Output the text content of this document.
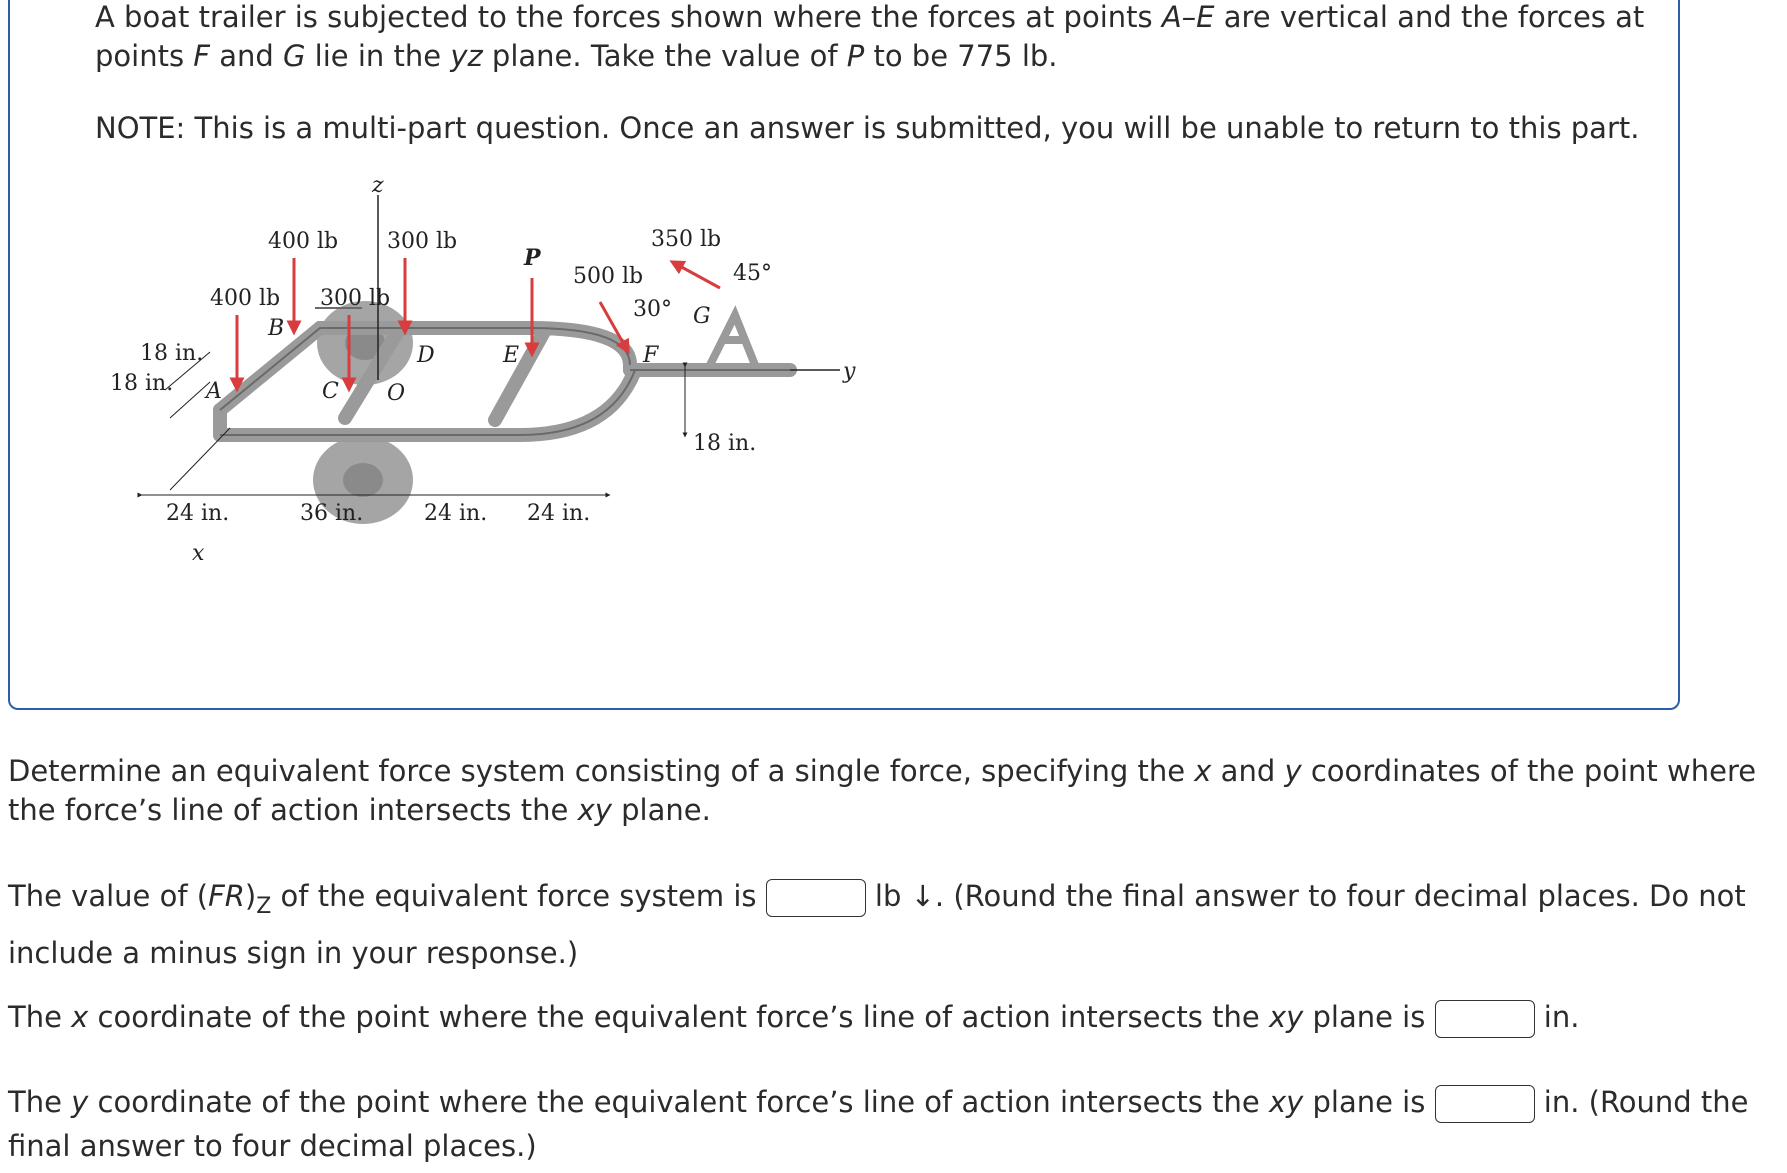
A boat trailer is subjected to the forces shown where the forces at points A–E are vertical and the forces at points F and G lie in the yz plane. Take the value of P to be 775 lb.

NOTE: This is a multi-part question. Once an answer is submitted, you will be unable to return to this part.

400 lb 300 lb
400 lb 300 lb
P
500 lb
350 lb
30°
45°
A
B
C
D	E	F
G
O
z
y
x
18 in.
18 in.
24 in.	36 in.	24 in. 24 in.
18 in.

Determine an equivalent force system consisting of a single force, specifying the x and y coordinates of the point where the force’s line of action intersects the xy plane.

The value of $(FR)_Z$ of the equivalent force system is	lb ↓. (Round the final answer to four decimal places. Do not include a minus sign in your response.)

The x coordinate of the point where the equivalent force’s line of action intersects the xy plane is	in.

The y coordinate of the point where the equivalent force’s line of action intersects the xy plane is	in. (Round the final answer to four decimal places.)
